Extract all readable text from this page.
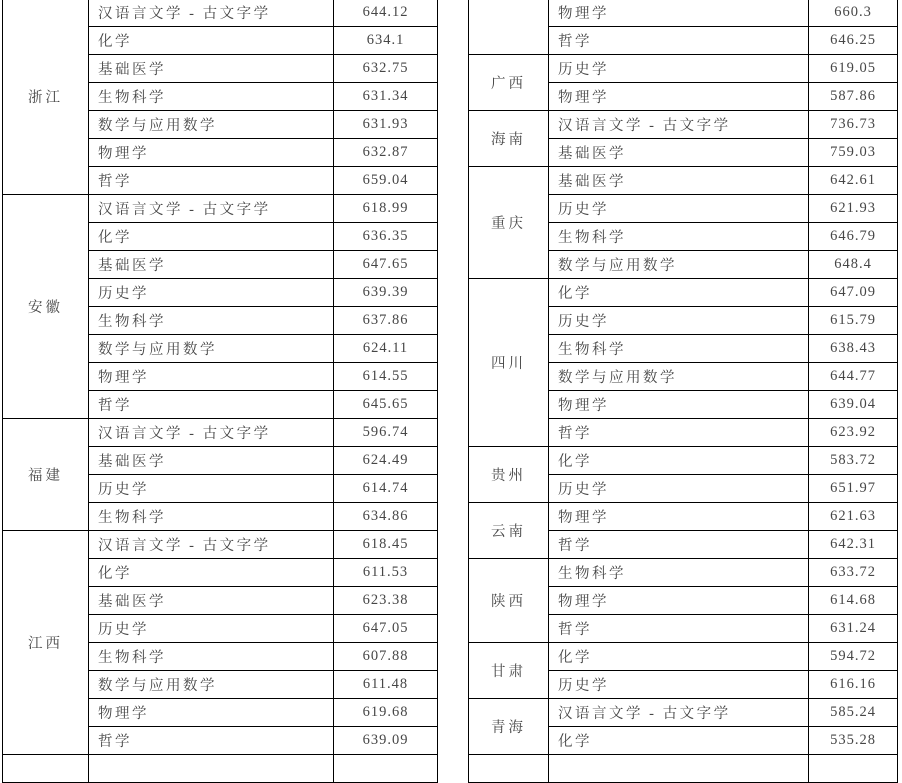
浙江	汉语言文学 - 古文字学	644.12
	化学	634.1
	基础医学	632.75
	生物科学	631.34
	数学与应用数学	631.93
	物理学	632.87
	哲学	659.04
安徽	汉语言文学 - 古文字学	618.99
	化学	636.35
	基础医学	647.65
	历史学	639.39
	生物科学	637.86
	数学与应用数学	624.11
	物理学	614.55
	哲学	645.65
福建	汉语言文学 - 古文字学	596.74
	基础医学	624.49
	历史学	614.74
	生物科学	634.86
江西	汉语言文学 - 古文字学	618.45
	化学	611.53
	基础医学	623.38
	历史学	647.05
	生物科学	607.88
	数学与应用数学	611.48
	物理学	619.68
	哲学	639.09

	物理学	660.3
	哲学	646.25
广西	历史学	619.05
	物理学	587.86
海南	汉语言文学 - 古文字学	736.73
	基础医学	759.03
重庆	基础医学	642.61
	历史学	621.93
	生物科学	646.79
	数学与应用数学	648.4
四川	化学	647.09
	历史学	615.79
	生物科学	638.43
	数学与应用数学	644.77
	物理学	639.04
	哲学	623.92
贵州	化学	583.72
	历史学	651.97
云南	物理学	621.63
	哲学	642.31
陕西	生物科学	633.72
	物理学	614.68
	哲学	631.24
甘肃	化学	594.72
	历史学	616.16
青海	汉语言文学 - 古文字学	585.24
	化学	535.28
